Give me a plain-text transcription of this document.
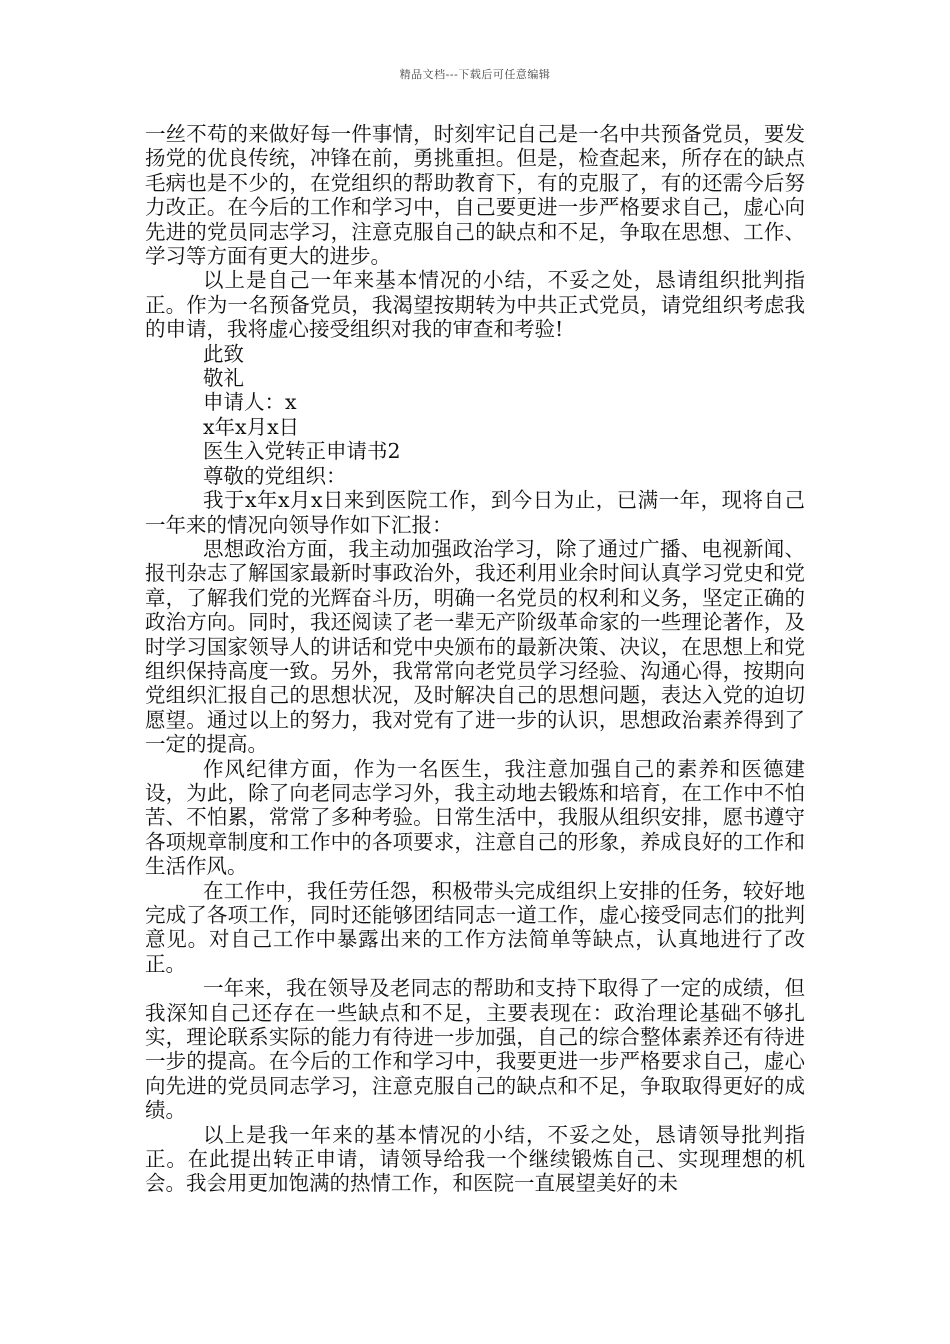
精品文档---下载后可任意编辑

一丝不苟的来做好每一件事情，时刻牢记自己是一名中共预备党员，要发扬党的优良传统，冲锋在前，勇挑重担。但是，检查起来，所存在的缺点毛病也是不少的，在党组织的帮助教育下，有的克服了，有的还需今后努力改正。在今后的工作和学习中，自己要更进一步严格要求自己，虚心向先进的党员同志学习，注意克服自己的缺点和不足，争取在思想、工作、学习等方面有更大的进步。

以上是自己一年来基本情况的小结，不妥之处，恳请组织批判指正。作为一名预备党员，我渴望按期转为中共正式党员，请党组织考虑我的申请，我将虚心接受组织对我的审查和考验!

此致

敬礼

申请人：x

x年x月x日

医生入党转正申请书2

尊敬的党组织：

我于x年x月x日来到医院工作，到今日为止，已满一年，现将自己一年来的情况向领导作如下汇报：

思想政治方面，我主动加强政治学习，除了通过广播、电视新闻、报刊杂志了解国家最新时事政治外，我还利用业余时间认真学习党史和党章，了解我们党的光辉奋斗历，明确一名党员的权利和义务，坚定正确的政治方向。同时，我还阅读了老一辈无产阶级革命家的一些理论著作，及时学习国家领导人的讲话和党中央颁布的最新决策、决议，在思想上和党组织保持高度一致。另外，我常常向老党员学习经验、沟通心得，按期向党组织汇报自己的思想状况，及时解决自己的思想问题，表达入党的迫切愿望。通过以上的努力，我对党有了进一步的认识，思想政治素养得到了一定的提高。

作风纪律方面，作为一名医生，我注意加强自己的素养和医德建设，为此，除了向老同志学习外，我主动地去锻炼和培育，在工作中不怕苦、不怕累，常常了多种考验。日常生活中，我服从组织安排，愿书遵守各项规章制度和工作中的各项要求，注意自己的形象，养成良好的工作和生活作风。

在工作中，我任劳任怨，积极带头完成组织上安排的任务，较好地完成了各项工作，同时还能够团结同志一道工作，虚心接受同志们的批判意见。对自己工作中暴露出来的工作方法简单等缺点，认真地进行了改正。

一年来，我在领导及老同志的帮助和支持下取得了一定的成绩，但我深知自己还存在一些缺点和不足，主要表现在：政治理论基础不够扎实，理论联系实际的能力有待进一步加强，自己的综合整体素养还有待进一步的提高。在今后的工作和学习中，我要更进一步严格要求自己，虚心向先进的党员同志学习，注意克服自己的缺点和不足，争取取得更好的成绩。

以上是我一年来的基本情况的小结，不妥之处，恳请领导批判指正。在此提出转正申请，请领导给我一个继续锻炼自己、实现理想的机会。我会用更加饱满的热情工作，和医院一直展望美好的未
